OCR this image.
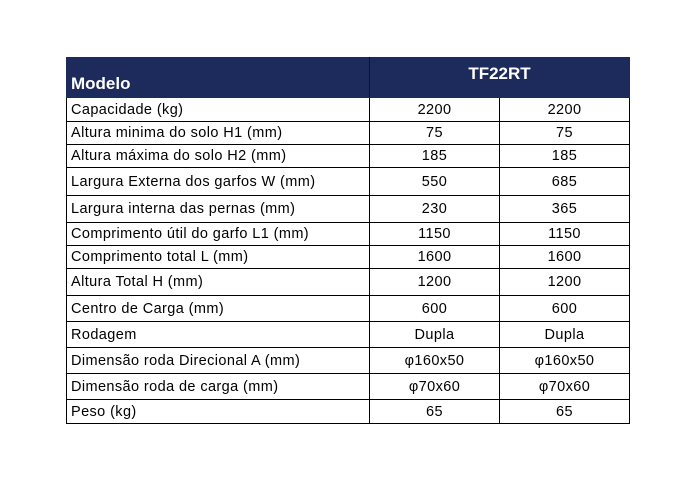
Modelo	TF22RT	
Capacidade (kg)	2200	2200
Altura minima do solo H1 (mm)	75	75
Altura máxima do solo H2 (mm)	185	185
Largura Externa dos garfos W (mm)	550	685
Largura interna das pernas (mm)	230	365
Comprimento útil do garfo L1 (mm)	1150	1150
Comprimento total L (mm)	1600	1600
Altura Total H (mm)	1200	1200
Centro de Carga (mm)	600	600
Rodagem	Dupla	Dupla
Dimensão roda Direcional A (mm)	φ160x50	φ160x50
Dimensão roda de carga (mm)	φ70x60	φ70x60
Peso (kg)	65	65
